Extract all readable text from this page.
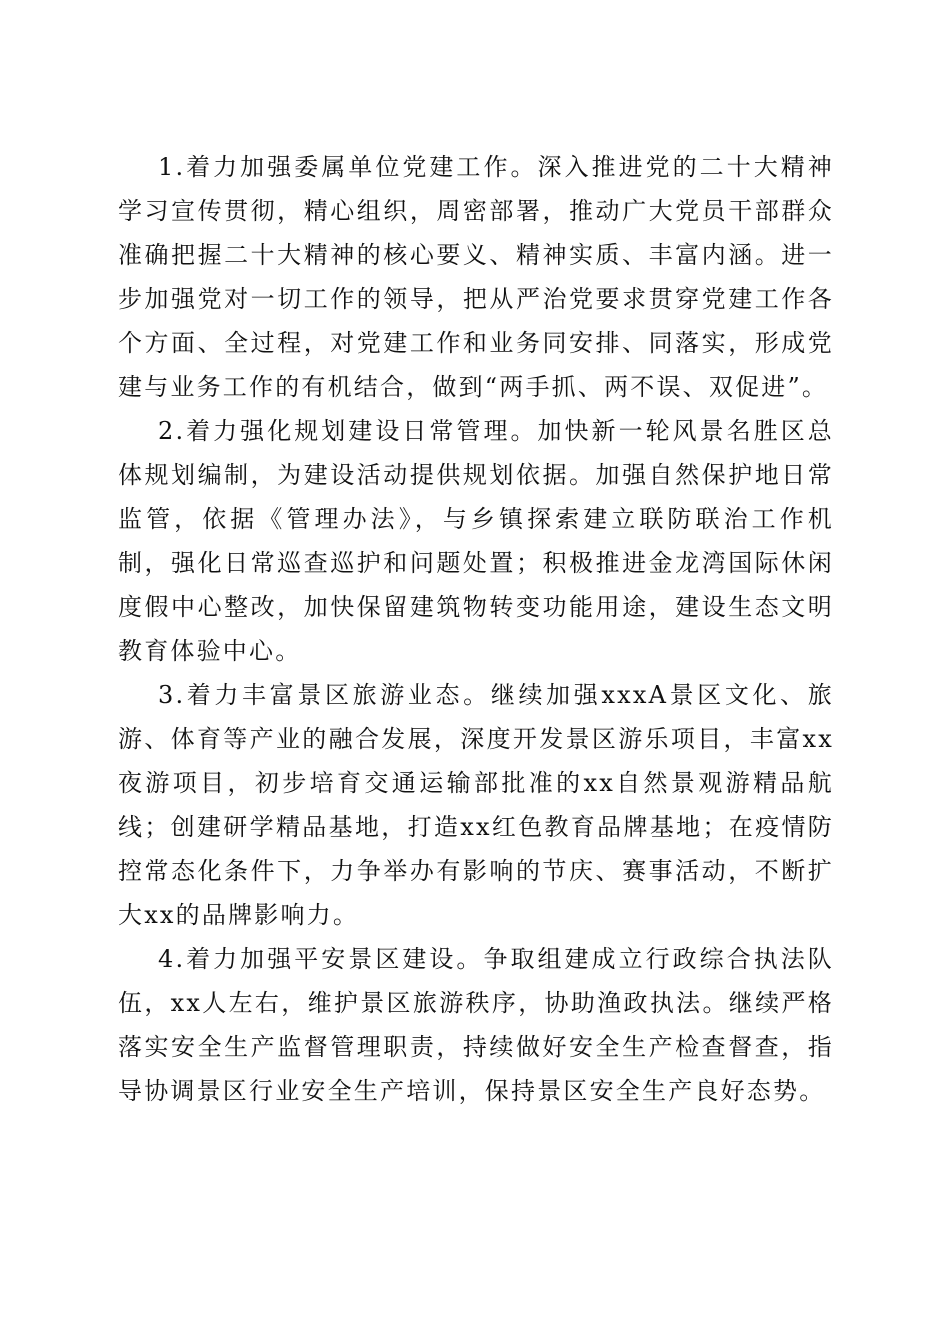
1.着力加强委属单位党建工作。深入推进党的二十大精神学习宣传贯彻，精心组织，周密部署，推动广大党员干部群众准确把握二十大精神的核心要义、精神实质、丰富内涵。进一步加强党对一切工作的领导，把从严治党要求贯穿党建工作各个方面、全过程，对党建工作和业务同安排、同落实，形成党建与业务工作的有机结合，做到“两手抓、两不误、双促进”。

2.着力强化规划建设日常管理。加快新一轮风景名胜区总体规划编制，为建设活动提供规划依据。加强自然保护地日常监管，依据《管理办法》，与乡镇探索建立联防联治工作机制，强化日常巡查巡护和问题处置；积极推进金龙湾国际休闲度假中心整改，加快保留建筑物转变功能用途，建设生态文明教育体验中心。

3.着力丰富景区旅游业态。继续加强xxxA景区文化、旅游、体育等产业的融合发展，深度开发景区游乐项目，丰富xx夜游项目，初步培育交通运输部批准的xx自然景观游精品航线；创建研学精品基地，打造xx红色教育品牌基地；在疫情防控常态化条件下，力争举办有影响的节庆、赛事活动，不断扩大xx的品牌影响力。

4.着力加强平安景区建设。争取组建成立行政综合执法队伍，xx人左右，维护景区旅游秩序，协助渔政执法。继续严格落实安全生产监督管理职责，持续做好安全生产检查督查，指导协调景区行业安全生产培训，保持景区安全生产良好态势。
